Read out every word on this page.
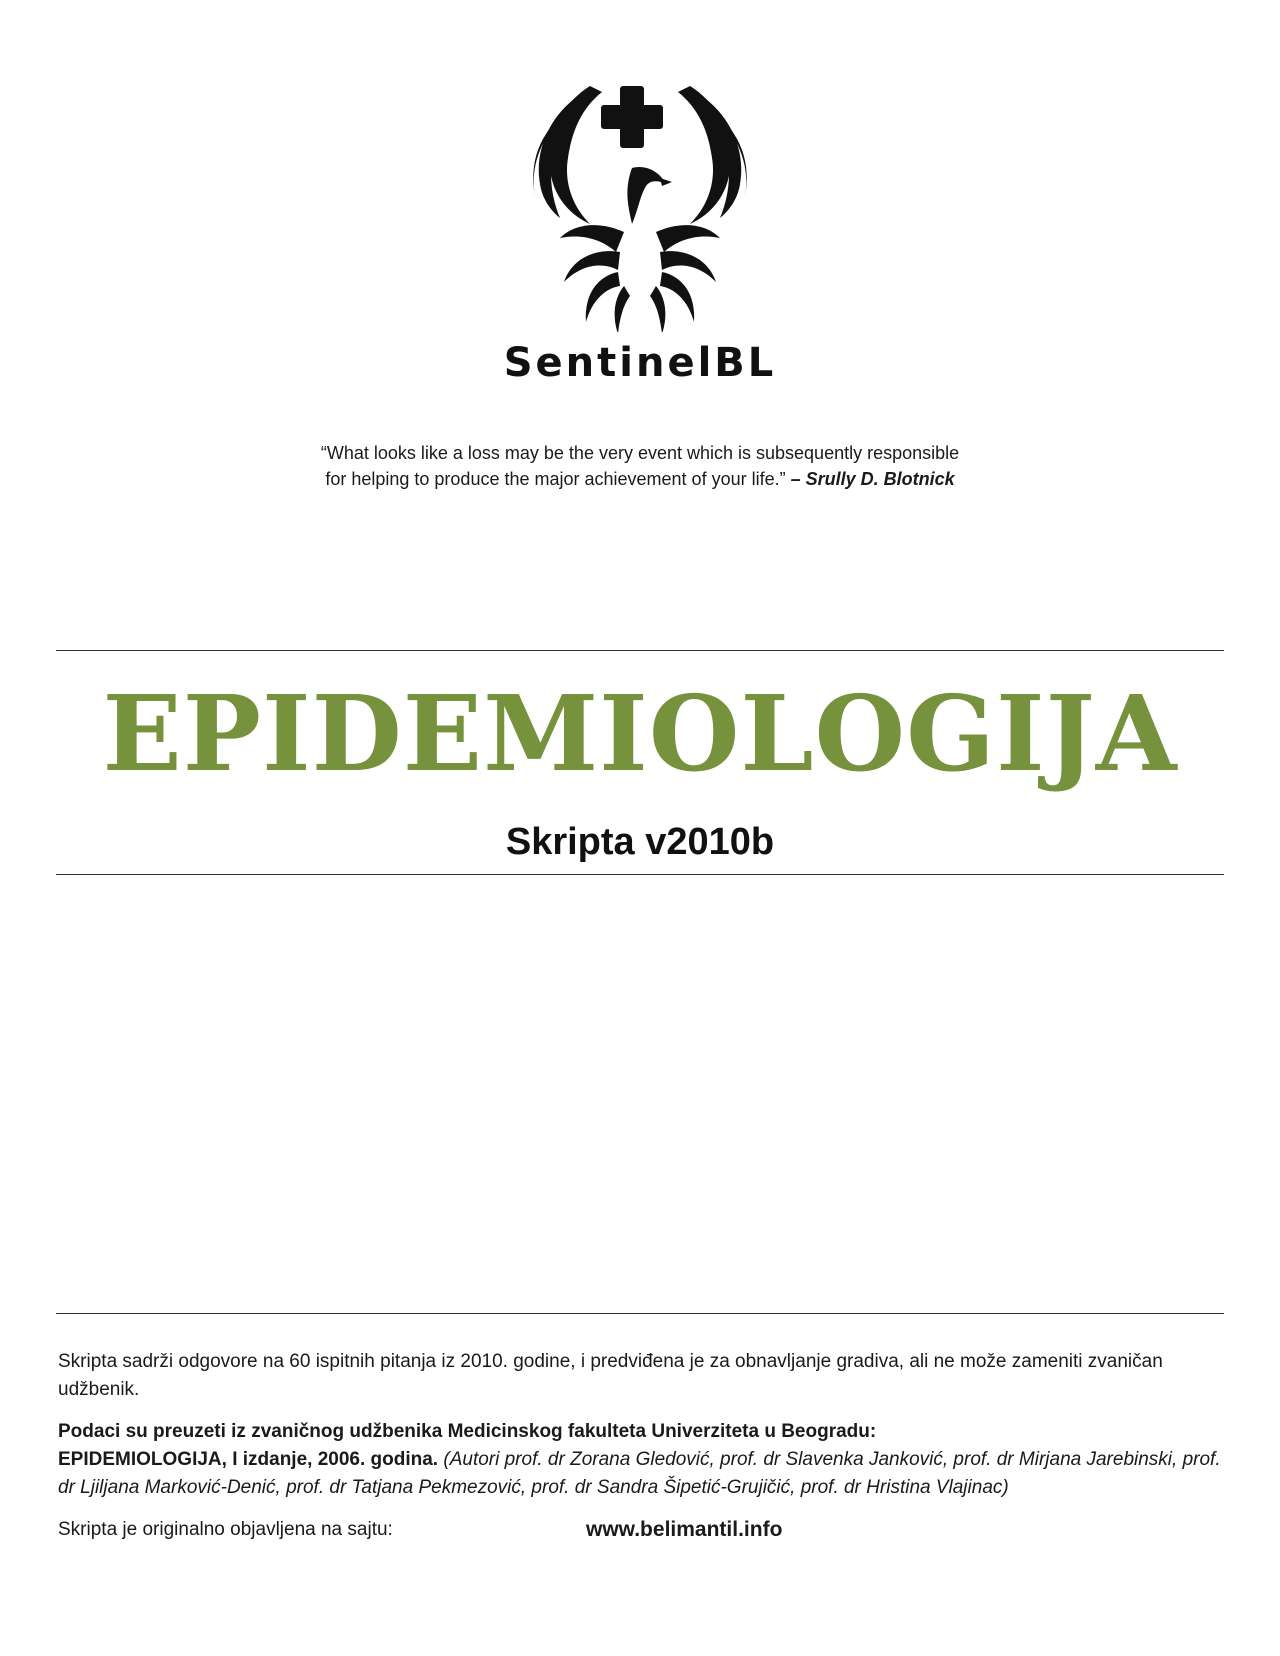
SentinelBL
“What looks like a loss may be the very event which is subsequently responsible
for helping to produce the major achievement of your life.” – Srully D. Blotnick
EPIDEMIOLOGIJA
Skripta v2010b

Skripta sadrži odgovore na 60 ispitnih pitanja iz 2010. godine, i predviđena je za obnavljanje gradiva, ali ne može zameniti zvaničan udžbenik.

Podaci su preuzeti iz zvaničnog udžbenika Medicinskog fakulteta Univerziteta u Beogradu:
EPIDEMIOLOGIJA, I izdanje, 2006. godina. (Autori prof. dr Zorana Gledović, prof. dr Slavenka Janković, prof. dr Mirjana Jarebinski, prof. dr Ljiljana Marković-Denić, prof. dr Tatjana Pekmezović, prof. dr Sandra Šipetić-Grujičić, prof. dr Hristina Vlajinac)

Skripta je originalno objavljena na sajtu:	www.belimantil.info
